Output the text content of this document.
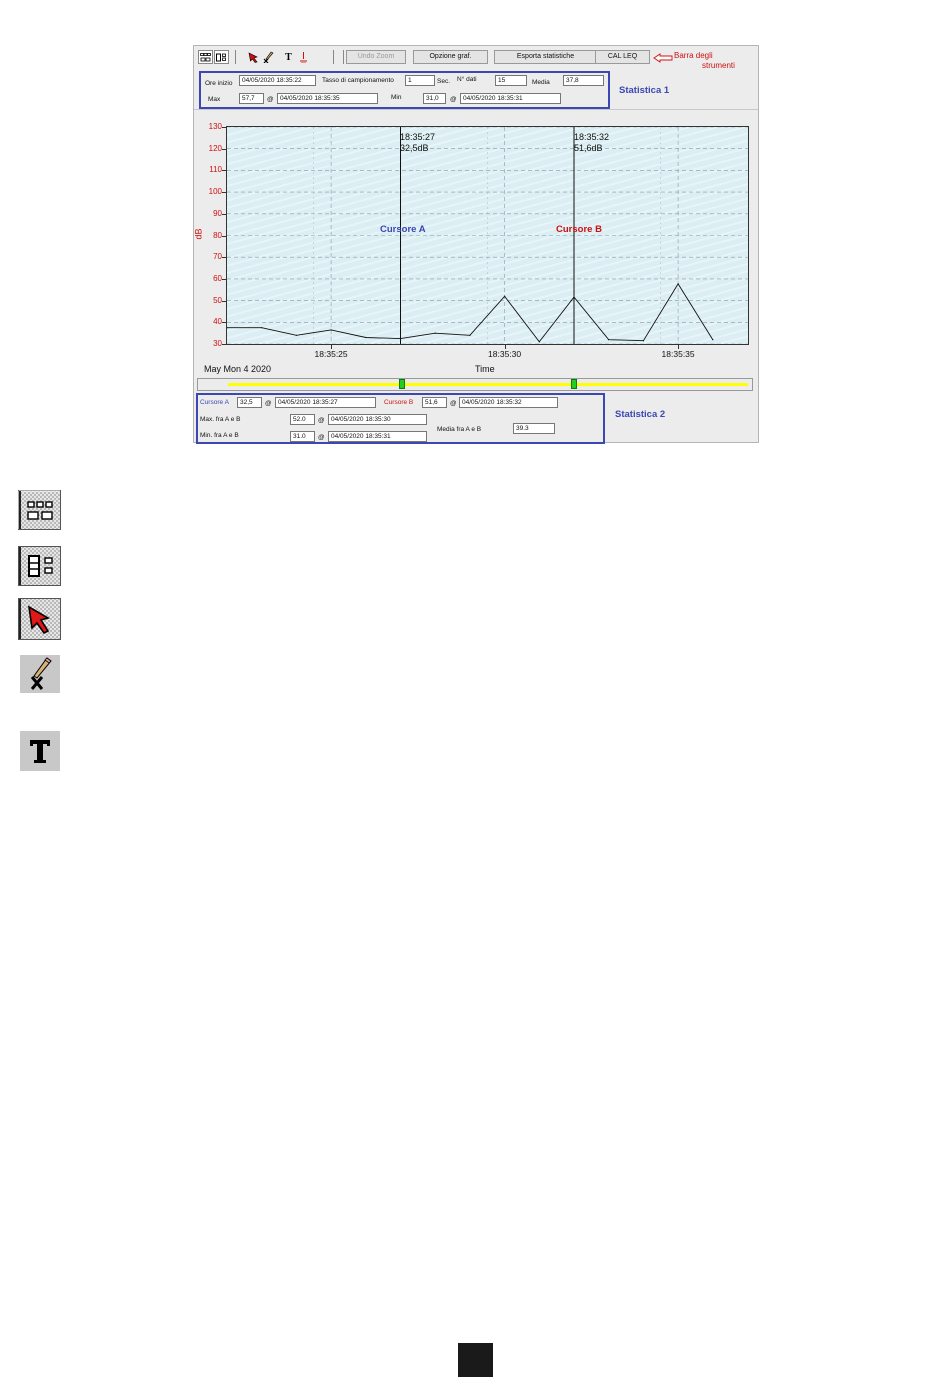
T	Undo Zoom	Opzione graf.	Esporta statistiche	CAL LEQ	Barra degli
strumenti
Ore inizio	04/05/2020 18:35:22	Tasso di campionamento	1	Sec. N° dati	15	Media	37,8
Max	57,7	@ 04/05/2020 18:35:35	Min	31,0	@ 04/05/2020 18:35:31
Statistica 1
30
40
50
60
70
80
90
100
110
120
130
dB
18:35:27
32,5dB
18:35:32
51,6dB
Cursore A	Cursore B
18:35:25	18:35:30	18:35:35
May Mon 4 2020	Time
Cursore A	32,5	@ 04/05/2020 18:35:27	Cursore B	51,6	@ 04/05/2020 18:35:32
Max. fra A e B	52.0	@ 04/05/2020 18:35:30
Min. fra A e B	31.0	@ 04/05/2020 18:35:31
Media fra A e B	39.3
Statistica 2
